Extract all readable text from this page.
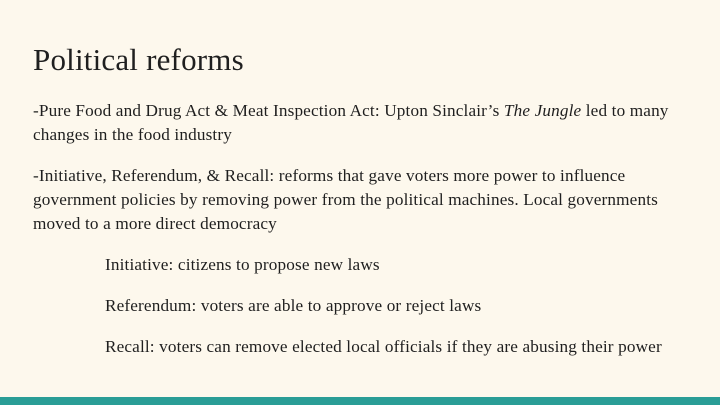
Political reforms

-Pure Food and Drug Act & Meat Inspection Act: Upton Sinclair’s The Jungle led to many changes in the food industry

-Initiative, Referendum, & Recall: reforms that gave voters more power to influence government policies by removing power from the political machines. Local governments moved to a more direct democracy

Initiative: citizens to propose new laws

Referendum: voters are able to approve or reject laws

Recall: voters can remove elected local officials if they are abusing their power
